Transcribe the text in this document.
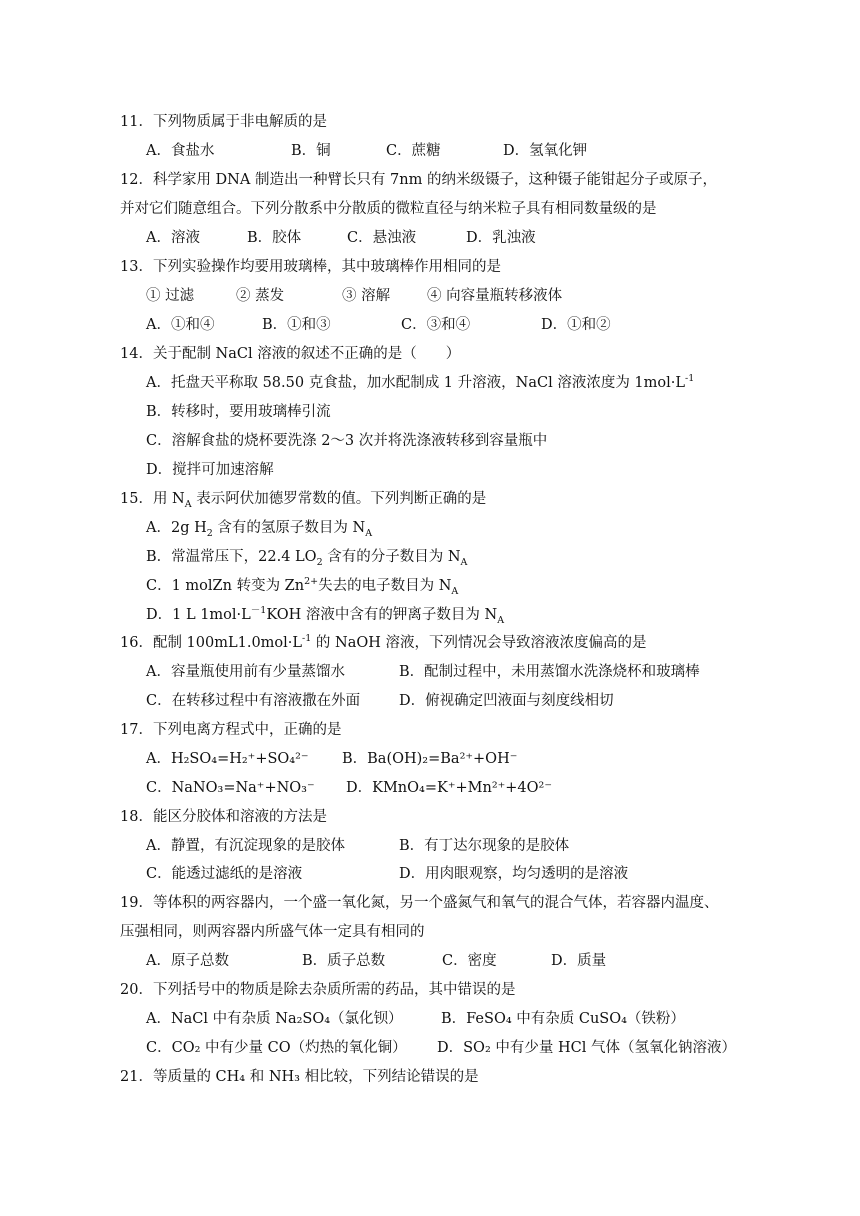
11．下列物质属于非电解质的是
A．食盐水	B．铜	C．蔗糖	D．氢氧化钾
12．科学家用 DNA 制造出一种臂长只有 7nm 的纳米级镊子，这种镊子能钳起分子或原子，
并对它们随意组合。下列分散系中分散质的微粒直径与纳米粒子具有相同数量级的是
A．溶液	B．胶体	C．悬浊液	D．乳浊液
13．下列实验操作均要用玻璃棒，其中玻璃棒作用相同的是
① 过滤	② 蒸发	③ 溶解	④ 向容量瓶转移液体
A．①和④	B．①和③	C．③和④	D．①和②
14．关于配制 NaCl 溶液的叙述不正确的是（　　）
A．托盘天平称取 58.50 克食盐，加水配制成 1 升溶液，NaCl 溶液浓度为 $1mol\cdot L^{-1}$
B．转移时，要用玻璃棒引流
C．溶解食盐的烧杯要洗涤 2～3 次并将洗涤液转移到容量瓶中
D．搅拌可加速溶解
15．用 $N_A$ 表示阿伏加德罗常数的值。下列判断正确的是
A．2g $H_2$ 含有的氢原子数目为 $N_A$
B．常温常压下，22.4 $LO_2$ 含有的分子数目为 $N_A$
C．1 molZn 转变为 $Zn^{2+}$失去的电子数目为 $N_A$
D．1 L $1mol\cdot L^{-1}KOH$ 溶液中含有的钾离子数目为 $N_A$
16．配制 $100mL1.0mol\cdot L^{-1}$ 的 NaOH 溶液，下列情况会导致溶液浓度偏高的是
A．容量瓶使用前有少量蒸馏水	B．配制过程中，未用蒸馏水洗涤烧杯和玻璃棒
C．在转移过程中有溶液撒在外面	D．俯视确定凹液面与刻度线相切
17．下列电离方程式中，正确的是
A．H₂SO₄=H₂⁺+SO₄²⁻ B．Ba(OH)₂=Ba²⁺+OH⁻
C．NaNO₃=Na⁺+NO₃⁻ D．KMnO₄=K⁺+Mn²⁺+4O²⁻
18．能区分胶体和溶液的方法是
A．静置，有沉淀现象的是胶体	B．有丁达尔现象的是胶体
C．能透过滤纸的是溶液	D．用肉眼观察，均匀透明的是溶液
19．等体积的两容器内，一个盛一氧化氮，另一个盛氮气和氧气的混合气体，若容器内温度、
压强相同，则两容器内所盛气体一定具有相同的
A．原子总数	B．质子总数	C．密度	D．质量
20．下列括号中的物质是除去杂质所需的药品，其中错误的是
A．NaCl 中有杂质 Na₂SO₄（氯化钡）	B．FeSO₄ 中有杂质 CuSO₄（铁粉）
C．CO₂ 中有少量 CO（灼热的氧化铜） D．SO₂ 中有少量 HCl 气体（氢氧化钠溶液）
21．等质量的 CH₄ 和 NH₃ 相比较，下列结论错误的是
